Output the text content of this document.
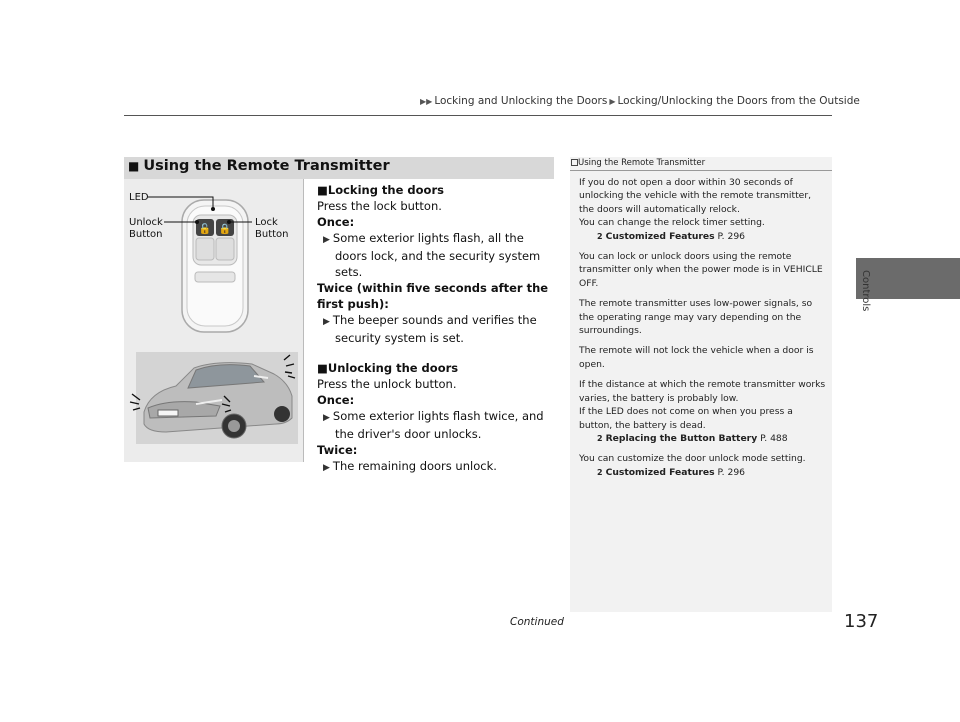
▶▶ Locking and Unlocking the Doors ▶ Locking/Unlocking the Doors from the Outside
Controls
■ Using the Remote Transmitter
🔓 🔒
LED
Unlock
Button
Lock
Button
■Locking the doors
Press the lock button.
Once:
▶ Some exterior lights flash, all the doors lock, and the security system sets.
Twice (within five seconds after the first push):
▶ The beeper sounds and verifies the security system is set.
■Unlocking the doors
Press the unlock button.
Once:
▶ Some exterior lights flash twice, and the driver's door unlocks.
Twice:
▶ The remaining doors unlock.
Using the Remote Transmitter

If you do not open a door within 30 seconds of unlocking the vehicle with the remote transmitter, the doors will automatically relock.
You can change the relock timer setting.
2 Customized Features P. 296

You can lock or unlock doors using the remote transmitter only when the power mode is in VEHICLE OFF.

The remote transmitter uses low-power signals, so the operating range may vary depending on the surroundings.

The remote will not lock the vehicle when a door is open.

If the distance at which the remote transmitter works varies, the battery is probably low.
If the LED does not come on when you press a button, the battery is dead.
2 Replacing the Button Battery P. 488

You can customize the door unlock mode setting.
2 Customized Features P. 296

Continued	137
